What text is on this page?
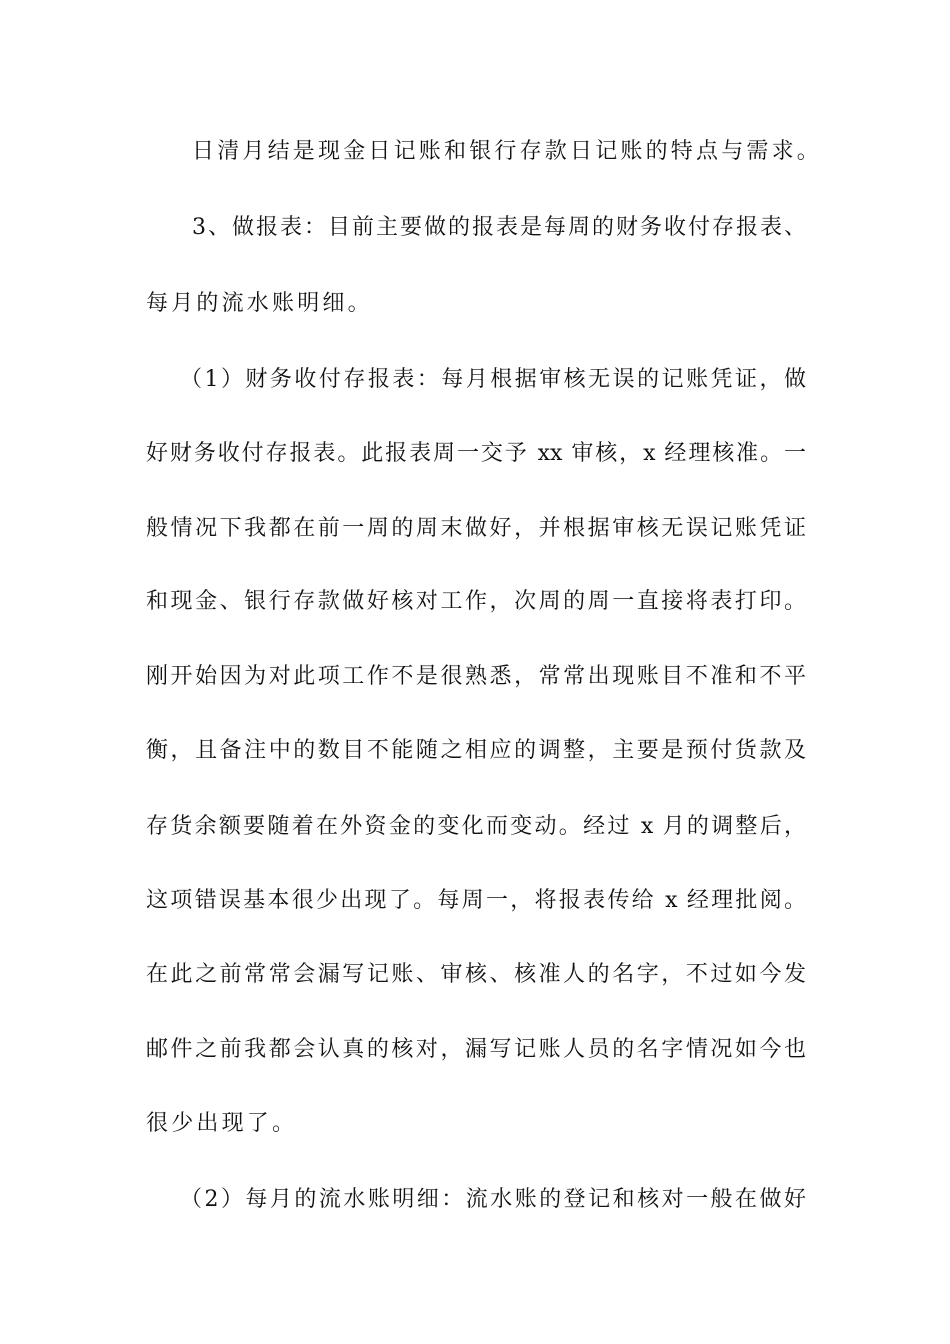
日清月结是现金日记账和银行存款日记账的特点与需求。
3、做报表：目前主要做的报表是每周的财务收付存报表、
每月的流水账明细。
（1）财务收付存报表：每月根据审核无误的记账凭证，做
好财务收付存报表。此报表周一交予 xx 审核，x 经理核准。一
般情况下我都在前一周的周末做好，并根据审核无误记账凭证
和现金、银行存款做好核对工作，次周的周一直接将表打印。
刚开始因为对此项工作不是很熟悉，常常出现账目不准和不平
衡，且备注中的数目不能随之相应的调整，主要是预付货款及
存货余额要随着在外资金的变化而变动。经过 x 月的调整后，
这项错误基本很少出现了。每周一，将报表传给 x 经理批阅。
在此之前常常会漏写记账、审核、核准人的名字，不过如今发
邮件之前我都会认真的核对，漏写记账人员的名字情况如今也
很少出现了。
（2）每月的流水账明细：流水账的登记和核对一般在做好
